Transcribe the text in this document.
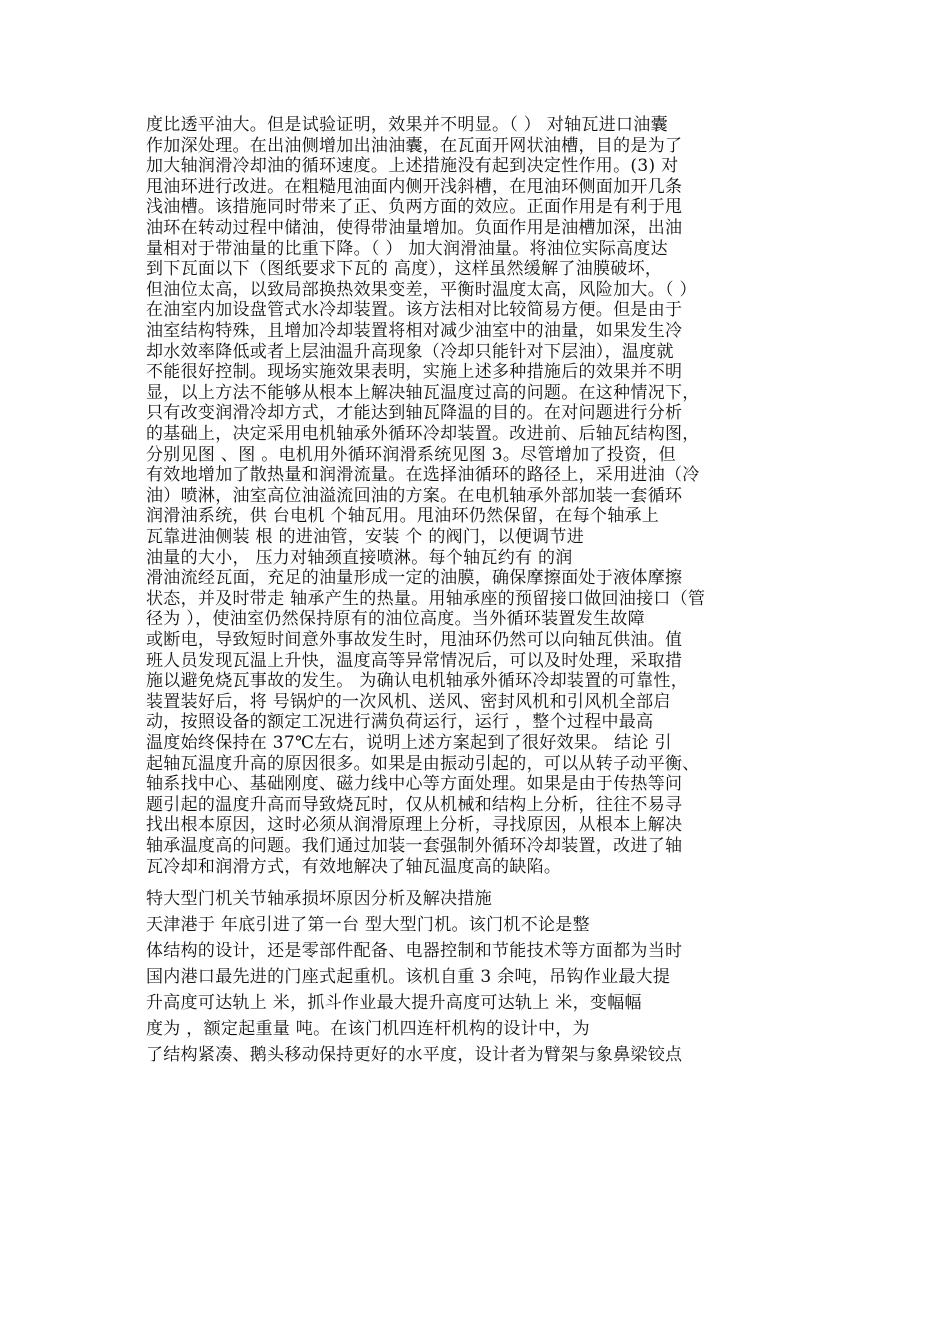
度比透平油大。但是试验证明，效果并不明显。（ ） 对轴瓦进口油囊
作加深处理。在出油侧增加出油油囊，在瓦面开网状油槽，目的是为了
加大轴润滑冷却油的循环速度。上述措施没有起到决定性作用。(3) 对
甩油环进行改进。在粗糙甩油面内侧开浅斜槽，在甩油环侧面加开几条
浅油槽。该措施同时带来了正、负两方面的效应。正面作用是有利于甩
油环在转动过程中储油，使得带油量增加。负面作用是油槽加深，出油
量相对于带油量的比重下降。（ ） 加大润滑油量。将油位实际高度达
到下瓦面以下（图纸要求下瓦的 高度），这样虽然缓解了油膜破坏，
但油位太高，以致局部换热效果变差，平衡时温度太高，风险加大。（ ）
在油室内加设盘管式水冷却装置。该方法相对比较简易方便。但是由于
油室结构特殊，且增加冷却装置将相对减少油室中的油量，如果发生冷
却水效率降低或者上层油温升高现象（冷却只能针对下层油），温度就
不能很好控制。现场实施效果表明，实施上述多种措施后的效果并不明
显，以上方法不能够从根本上解决轴瓦温度过高的问题。在这种情况下，
只有改变润滑冷却方式，才能达到轴瓦降温的目的。在对问题进行分析
的基础上，决定采用电机轴承外循环冷却装置。改进前、后轴瓦结构图，
分别见图 、图 。电机用外循环润滑系统见图 3。尽管增加了投资，但
有效地增加了散热量和润滑流量。在选择油循环的路径上，采用进油（冷
油）喷淋，油室高位油溢流回油的方案。在电机轴承外部加装一套循环
润滑油系统，供 台电机 个轴瓦用。甩油环仍然保留，在每个轴承上
瓦靠进油侧装 根 的进油管，安装 个 的阀门，以便调节进
油量的大小， 压力对轴颈直接喷淋。每个轴瓦约有 的润
滑油流经瓦面，充足的油量形成一定的油膜，确保摩擦面处于液体摩擦
状态，并及时带走 轴承产生的热量。用轴承座的预留接口做回油接口（管
径为 ），使油室仍然保持原有的油位高度。当外循环装置发生故障
或断电，导致短时间意外事故发生时，甩油环仍然可以向轴瓦供油。值
班人员发现瓦温上升快，温度高等异常情况后，可以及时处理，采取措
施以避免烧瓦事故的发生。 为确认电机轴承外循环冷却装置的可靠性，
装置装好后，将 号锅炉的一次风机、送风、密封风机和引风机全部启
动，按照设备的额定工况进行满负荷运行，运行 ，整个过程中最高
温度始终保持在 37℃左右，说明上述方案起到了很好效果。 结论 引
起轴瓦温度升高的原因很多。如果是由振动引起的，可以从转子动平衡、
轴系找中心、基础刚度、磁力线中心等方面处理。如果是由于传热等问
题引起的温度升高而导致烧瓦时，仅从机械和结构上分析，往往不易寻
找出根本原因，这时必须从润滑原理上分析，寻找原因，从根本上解决
轴承温度高的问题。我们通过加装一套强制外循环冷却装置，改进了轴
瓦冷却和润滑方式，有效地解决了轴瓦温度高的缺陷。
特大型门机关节轴承损坏原因分析及解决措施
天津港于 年底引进了第一台 型大型门机。该门机不论是整
体结构的设计，还是零部件配备、电器控制和节能技术等方面都为当时
国内港口最先进的门座式起重机。该机自重 3 余吨，吊钩作业最大提
升高度可达轨上 米，抓斗作业最大提升高度可达轨上 米，变幅幅
度为 ，额定起重量 吨。在该门机四连杆机构的设计中，为
了结构紧凑、鹅头移动保持更好的水平度，设计者为臂架与象鼻梁铰点
